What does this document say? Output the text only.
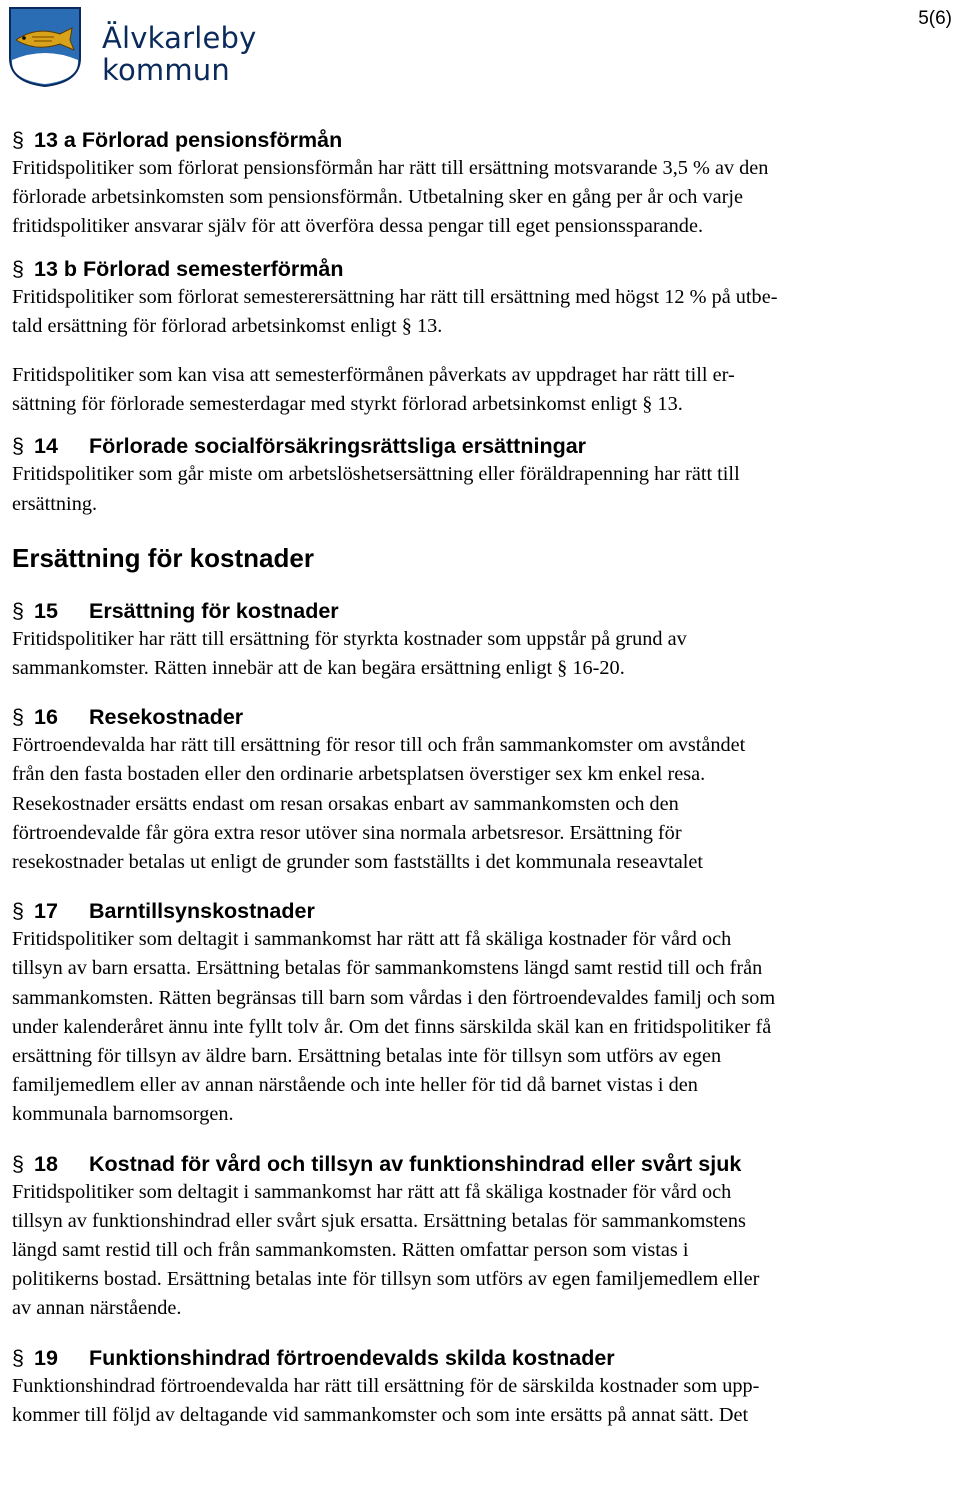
Älvkarleby
kommun
5(6)

§ 13 a Förlorad pensionsförmån

Fritidspolitiker som förlorat pensionsförmån har rätt till ersättning motsvarande 3,5 % av den
förlorade arbetsinkomsten som pensionsförmån. Utbetalning sker en gång per år och varje
fritidspolitiker ansvarar själv för att överföra dessa pengar till eget pensionssparande.

§ 13 b Förlorad semesterförmån

Fritidspolitiker som förlorat semesterersättning har rätt till ersättning med högst 12 % på utbe-
tald ersättning för förlorad arbetsinkomst enligt § 13.

Fritidspolitiker som kan visa att semesterförmånen påverkats av uppdraget har rätt till er-
sättning för förlorade semesterdagar med styrkt förlorad arbetsinkomst enligt § 13.

§ 14 Förlorade socialförsäkringsrättsliga ersättningar

Fritidspolitiker som går miste om arbetslöshetsersättning eller föräldrapenning har rätt till
ersättning.

Ersättning för kostnader

§ 15 Ersättning för kostnader

Fritidspolitiker har rätt till ersättning för styrkta kostnader som uppstår på grund av
sammankomster. Rätten innebär att de kan begära ersättning enligt § 16-20.

§ 16 Resekostnader

Förtroendevalda har rätt till ersättning för resor till och från sammankomster om avståndet
från den fasta bostaden eller den ordinarie arbetsplatsen överstiger sex km enkel resa.
Resekostnader ersätts endast om resan orsakas enbart av sammankomsten och den
förtroendevalde får göra extra resor utöver sina normala arbetsresor. Ersättning för
resekostnader betalas ut enligt de grunder som fastställts i det kommunala reseavtalet

§ 17 Barntillsynskostnader

Fritidspolitiker som deltagit i sammankomst har rätt att få skäliga kostnader för vård och
tillsyn av barn ersatta. Ersättning betalas för sammankomstens längd samt restid till och från
sammankomsten. Rätten begränsas till barn som vårdas i den förtroendevaldes familj och som
under kalenderåret ännu inte fyllt tolv år. Om det finns särskilda skäl kan en fritidspolitiker få
ersättning för tillsyn av äldre barn. Ersättning betalas inte för tillsyn som utförs av egen
familjemedlem eller av annan närstående och inte heller för tid då barnet vistas i den
kommunala barnomsorgen.

§ 18 Kostnad för vård och tillsyn av funktionshindrad eller svårt sjuk

Fritidspolitiker som deltagit i sammankomst har rätt att få skäliga kostnader för vård och
tillsyn av funktionshindrad eller svårt sjuk ersatta. Ersättning betalas för sammankomstens
längd samt restid till och från sammankomsten. Rätten omfattar person som vistas i
politikerns bostad. Ersättning betalas inte för tillsyn som utförs av egen familjemedlem eller
av annan närstående.

§ 19 Funktionshindrad förtroendevalds skilda kostnader

Funktionshindrad förtroendevalda har rätt till ersättning för de särskilda kostnader som upp-
kommer till följd av deltagande vid sammankomster och som inte ersätts på annat sätt. Det
